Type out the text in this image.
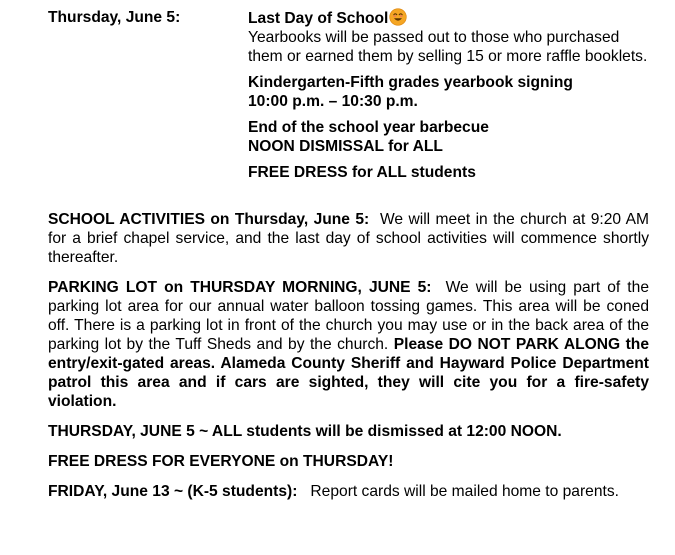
Thursday, June 5:	Last Day of School

Yearbooks will be passed out to those who purchased them or earned them by selling 15 or more raffle booklets.

Kindergarten-Fifth grades yearbook signing
10:00 p.m. – 10:30 p.m.

End of the school year barbecue
NOON DISMISSAL for ALL

FREE DRESS for ALL students

SCHOOL ACTIVITIES on Thursday, June 5: We will meet in the church at 9:20 AM for a brief chapel service, and the last day of school activities will commence shortly thereafter.

PARKING LOT on THURSDAY MORNING, JUNE 5: We will be using part of the parking lot area for our annual water balloon tossing games. This area will be coned off. There is a parking lot in front of the church you may use or in the back area of the parking lot by the Tuff Sheds and by the church. Please DO NOT PARK ALONG the entry/exit-gated areas. Alameda County Sheriff and Hayward Police Department patrol this area and if cars are sighted, they will cite you for a fire-safety violation.

THURSDAY, JUNE 5 ~ ALL students will be dismissed at 12:00 NOON.

FREE DRESS FOR EVERYONE on THURSDAY!

FRIDAY, June 13 ~ (K-5 students): Report cards will be mailed home to parents.
